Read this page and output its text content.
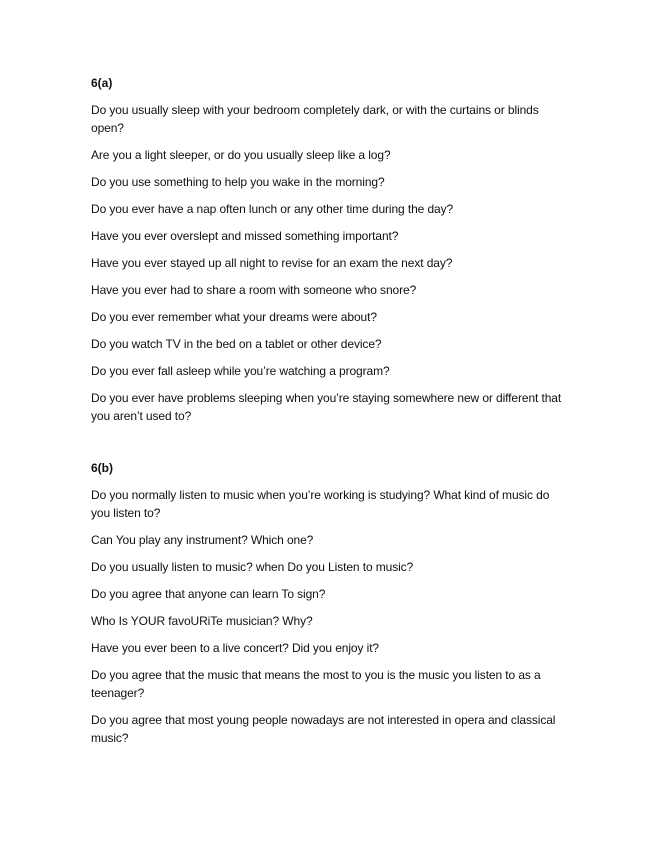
6(a)
Do you usually sleep with your bedroom completely dark, or with the curtains or blinds open?
Are you a light sleeper, or do you usually sleep like a log?
Do you use something to help you wake in the morning?
Do you ever have a nap often lunch or any other time during the day?
Have you ever overslept and missed something important?
Have you ever stayed up all night to revise for an exam the next day?
Have you ever had to share a room with someone who snore?
Do you ever remember what your dreams were about?
Do you watch TV in the bed on a tablet or other device?
Do you ever fall asleep while you’re watching a program?
Do you ever have problems sleeping when you’re staying somewhere new or different that you aren’t used to?
6(b)
Do you normally listen to music when you’re working is studying? What kind of music do you listen to?
Can You play any instrument? Which one?
Do you usually listen to music? when Do you Listen to music?
Do you agree that anyone can learn To sign?
Who Is YOUR favoURiTe musician? Why?
Have you ever been to a live concert? Did you enjoy it?
Do you agree that the music that means the most to you is the music you listen to as a teenager?
Do you agree that most young people nowadays are not interested in opera and classical music?
